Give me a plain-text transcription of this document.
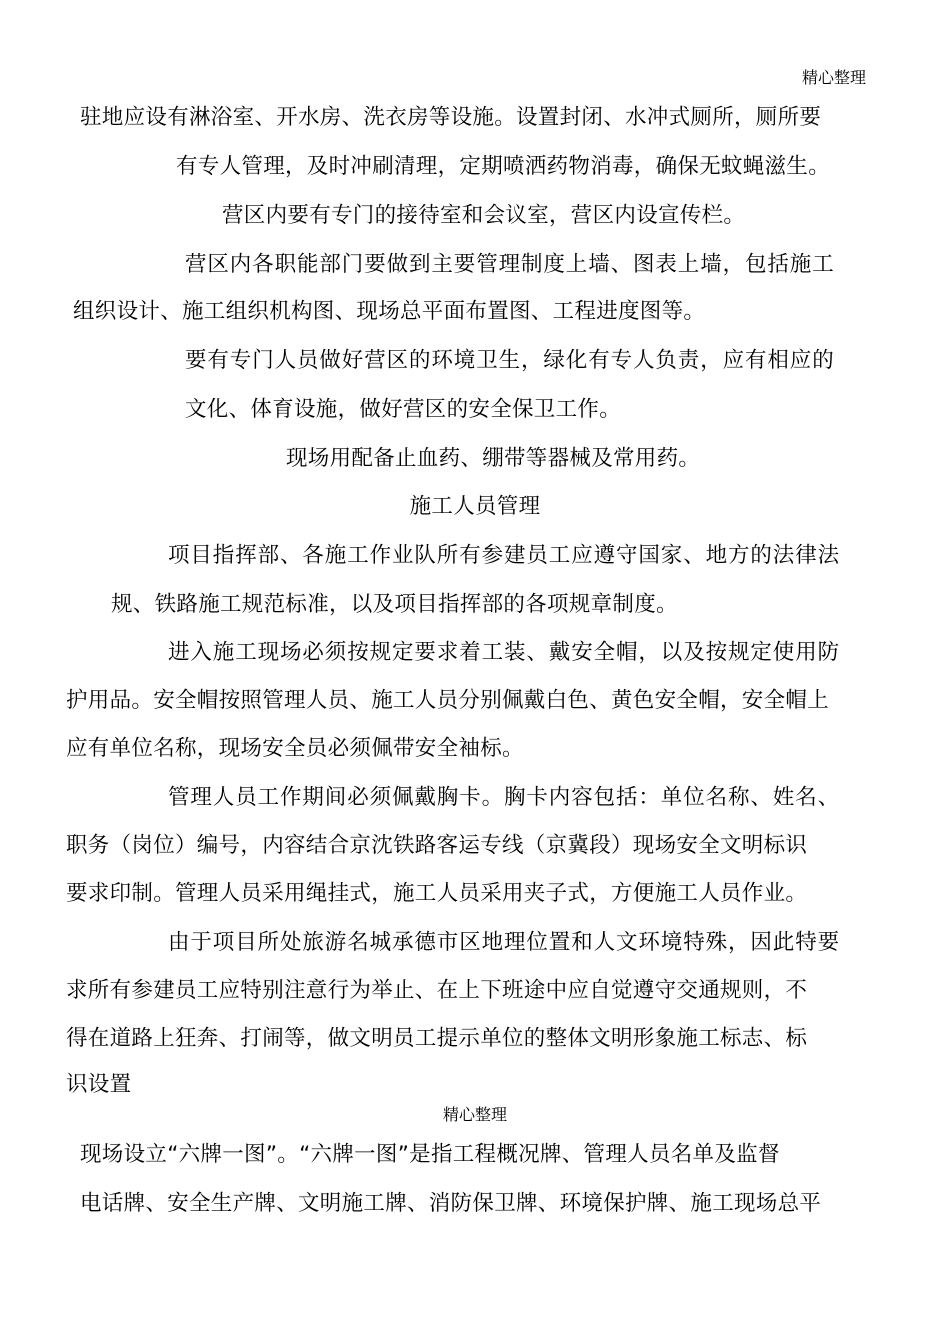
精心整理
驻地应设有淋浴室、开水房、洗衣房等设施。设置封闭、水冲式厕所，厕所要
有专人管理，及时冲刷清理，定期喷洒药物消毒，确保无蚊蝇滋生。
营区内要有专门的接待室和会议室，营区内设宣传栏。
营区内各职能部门要做到主要管理制度上墙、图表上墙，包括施工
组织设计、施工组织机构图、现场总平面布置图、工程进度图等。
要有专门人员做好营区的环境卫生，绿化有专人负责，应有相应的
文化、体育设施，做好营区的安全保卫工作。
现场用配备止血药、绷带等器械及常用药。
施工人员管理
项目指挥部、各施工作业队所有参建员工应遵守国家、地方的法律法
规、铁路施工规范标准，以及项目指挥部的各项规章制度。
进入施工现场必须按规定要求着工装、戴安全帽，以及按规定使用防
护用品。安全帽按照管理人员、施工人员分别佩戴白色、黄色安全帽，安全帽上
应有单位名称，现场安全员必须佩带安全袖标。
管理人员工作期间必须佩戴胸卡。胸卡内容包括：单位名称、姓名、
职务（岗位）编号，内容结合京沈铁路客运专线（京冀段）现场安全文明标识
要求印制。管理人员采用绳挂式，施工人员采用夹子式，方便施工人员作业。
由于项目所处旅游名城承德市区地理位置和人文环境特殊，因此特要
求所有参建员工应特别注意行为举止、在上下班途中应自觉遵守交通规则，不
得在道路上狂奔、打闹等，做文明员工提示单位的整体文明形象施工标志、标
识设置
精心整理
现场设立“六牌一图”。“六牌一图”是指工程概况牌、管理人员名单及监督
电话牌、安全生产牌、文明施工牌、消防保卫牌、环境保护牌、施工现场总平
